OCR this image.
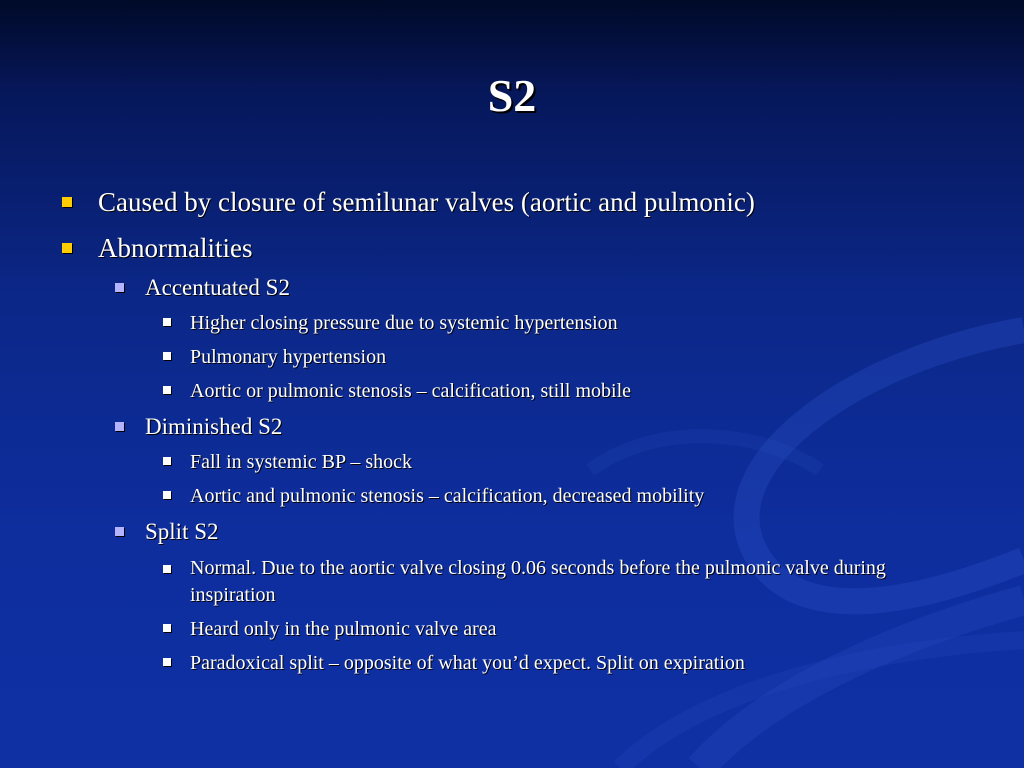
S2
Caused by closure of semilunar valves (aortic and pulmonic)
Abnormalities
Accentuated S2
Higher closing pressure due to systemic hypertension
Pulmonary hypertension
Aortic or pulmonic stenosis – calcification, still mobile
Diminished S2
Fall in systemic BP – shock
Aortic and pulmonic stenosis – calcification, decreased mobility
Split S2
Normal. Due to the aortic valve closing 0.06 seconds before the pulmonic valve during inspiration
Heard only in the pulmonic valve area
Paradoxical split – opposite of what you’d expect. Split on expiration
